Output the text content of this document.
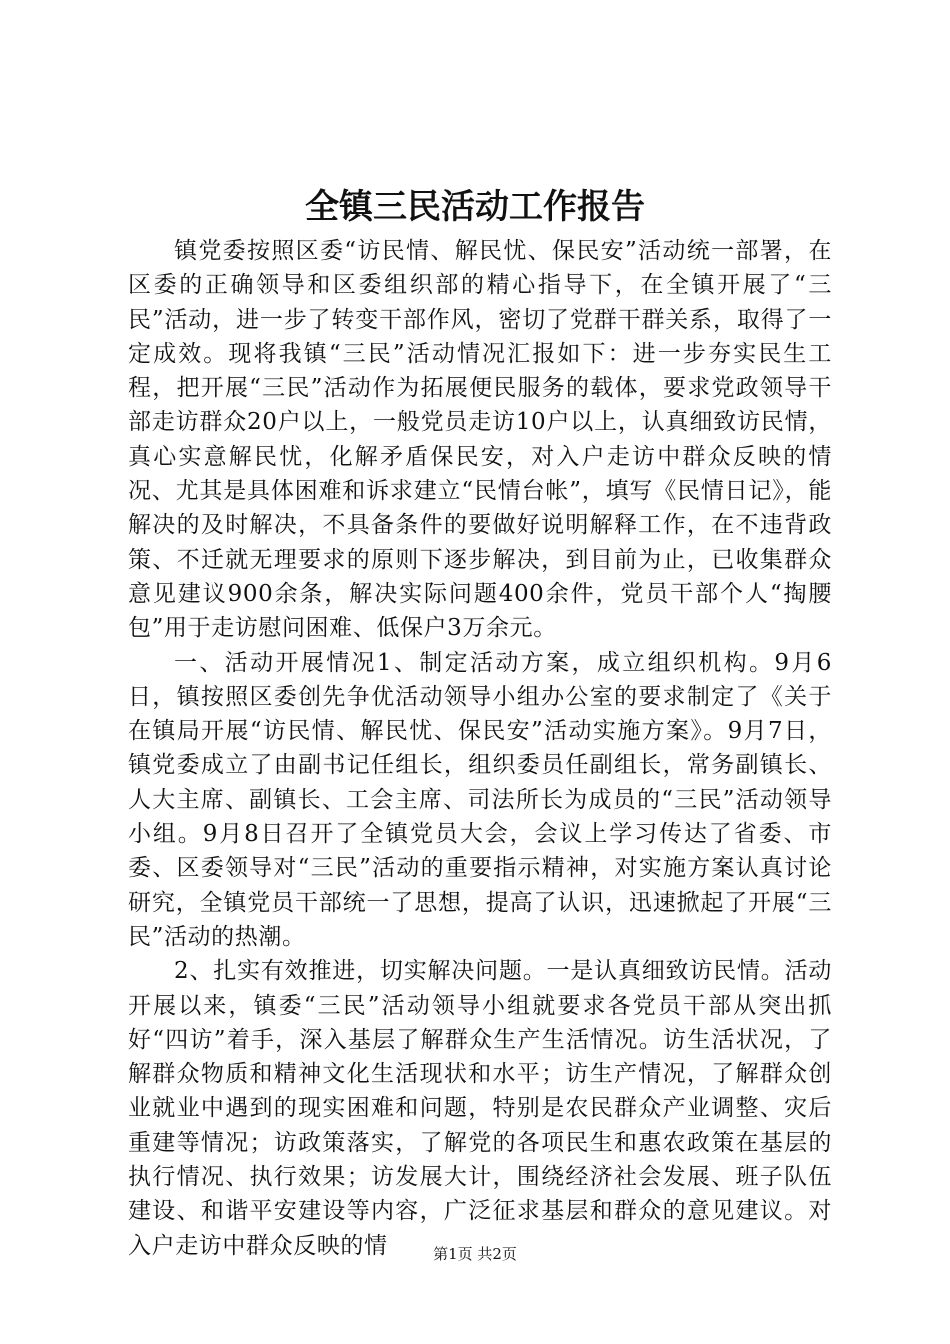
全镇三民活动工作报告

镇党委按照区委“访民情、解民忧、保民安”活动统一部署，在区委的正确领导和区委组织部的精心指导下，在全镇开展了“三民”活动，进一步了转变干部作风，密切了党群干群关系，取得了一定成效。现将我镇“三民”活动情况汇报如下：进一步夯实民生工程，把开展“三民”活动作为拓展便民服务的载体，要求党政领导干部走访群众20户以上，一般党员走访10户以上，认真细致访民情，真心实意解民忧，化解矛盾保民安，对入户走访中群众反映的情况、尤其是具体困难和诉求建立“民情台帐”，填写《民情日记》，能解决的及时解决，不具备条件的要做好说明解释工作，在不违背政策、不迁就无理要求的原则下逐步解决，到目前为止，已收集群众意见建议900余条，解决实际问题400余件，党员干部个人“掏腰包”用于走访慰问困难、低保户3万余元。

一、活动开展情况1、制定活动方案，成立组织机构。9月6日，镇按照区委创先争优活动领导小组办公室的要求制定了《关于在镇局开展“访民情、解民忧、保民安”活动实施方案》。9月7日，镇党委成立了由副书记任组长，组织委员任副组长，常务副镇长、人大主席、副镇长、工会主席、司法所长为成员的“三民”活动领导小组。9月8日召开了全镇党员大会，会议上学习传达了省委、市委、区委领导对“三民”活动的重要指示精神，对实施方案认真讨论研究，全镇党员干部统一了思想，提高了认识，迅速掀起了开展“三民”活动的热潮。

2、扎实有效推进，切实解决问题。一是认真细致访民情。活动开展以来，镇委“三民”活动领导小组就要求各党员干部从突出抓好“四访”着手，深入基层了解群众生产生活情况。访生活状况，了解群众物质和精神文化生活现状和水平；访生产情况，了解群众创业就业中遇到的现实困难和问题，特别是农民群众产业调整、灾后重建等情况；访政策落实，了解党的各项民生和惠农政策在基层的执行情况、执行效果；访发展大计，围绕经济社会发展、班子队伍建设、和谐平安建设等内容，广泛征求基层和群众的意见建议。对入户走访中群众反映的情	第1页 共2页
